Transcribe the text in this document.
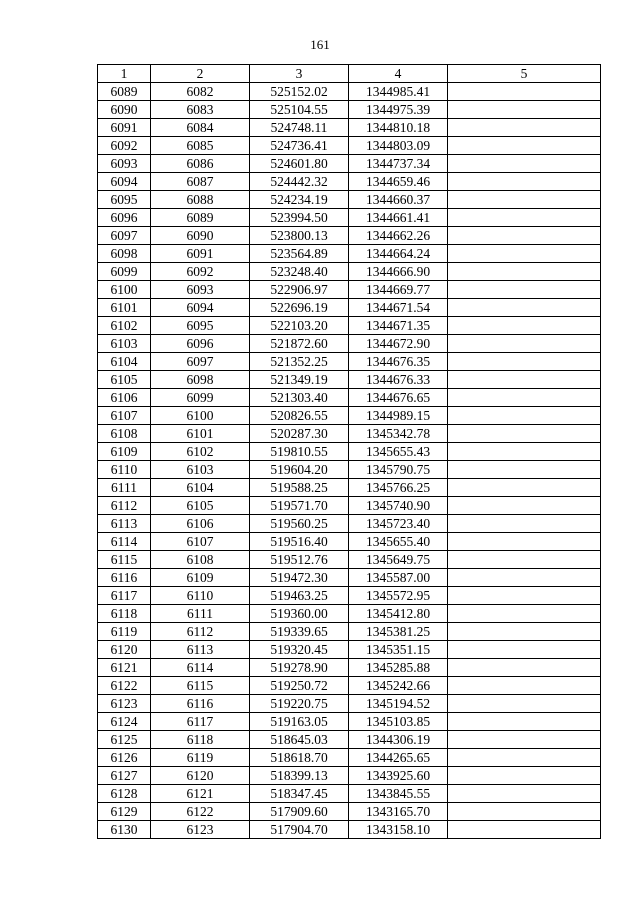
161
1	2	3	4	5
6089	6082	525152.02	1344985.41	
6090	6083	525104.55	1344975.39	
6091	6084	524748.11	1344810.18	
6092	6085	524736.41	1344803.09	
6093	6086	524601.80	1344737.34	
6094	6087	524442.32	1344659.46	
6095	6088	524234.19	1344660.37	
6096	6089	523994.50	1344661.41	
6097	6090	523800.13	1344662.26	
6098	6091	523564.89	1344664.24	
6099	6092	523248.40	1344666.90	
6100	6093	522906.97	1344669.77	
6101	6094	522696.19	1344671.54	
6102	6095	522103.20	1344671.35	
6103	6096	521872.60	1344672.90	
6104	6097	521352.25	1344676.35	
6105	6098	521349.19	1344676.33	
6106	6099	521303.40	1344676.65	
6107	6100	520826.55	1344989.15	
6108	6101	520287.30	1345342.78	
6109	6102	519810.55	1345655.43	
6110	6103	519604.20	1345790.75	
6111	6104	519588.25	1345766.25	
6112	6105	519571.70	1345740.90	
6113	6106	519560.25	1345723.40	
6114	6107	519516.40	1345655.40	
6115	6108	519512.76	1345649.75	
6116	6109	519472.30	1345587.00	
6117	6110	519463.25	1345572.95	
6118	6111	519360.00	1345412.80	
6119	6112	519339.65	1345381.25	
6120	6113	519320.45	1345351.15	
6121	6114	519278.90	1345285.88	
6122	6115	519250.72	1345242.66	
6123	6116	519220.75	1345194.52	
6124	6117	519163.05	1345103.85	
6125	6118	518645.03	1344306.19	
6126	6119	518618.70	1344265.65	
6127	6120	518399.13	1343925.60	
6128	6121	518347.45	1343845.55	
6129	6122	517909.60	1343165.70	
6130	6123	517904.70	1343158.10	
